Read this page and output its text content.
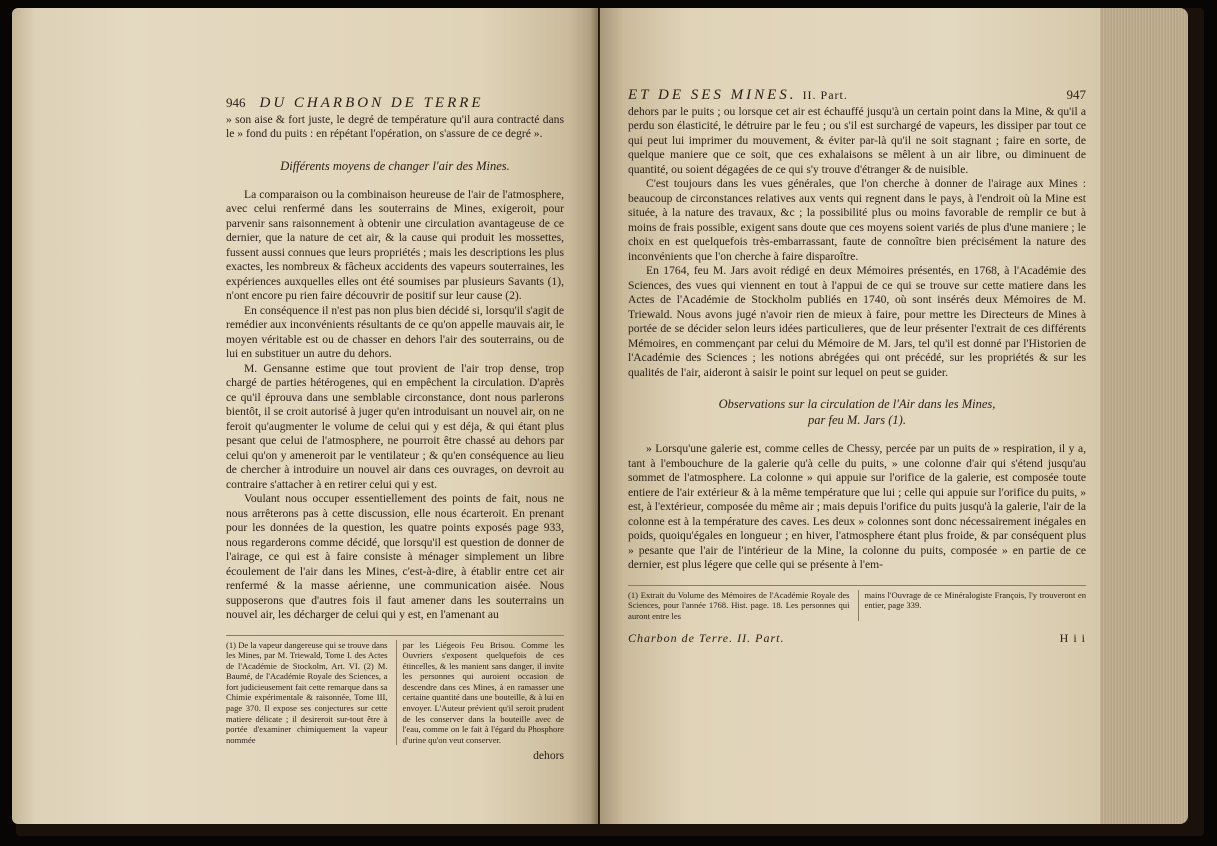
946 DU CHARBON DE TERRE

» son aise & fort juste, le degré de température qu'il aura contracté dans le » fond du puits : en répétant l'opération, on s'assure de ce degré ».

Différents moyens de changer l'air des Mines.

La comparaison ou la combinaison heureuse de l'air de l'atmosphere, avec celui renfermé dans les souterrains de Mines, exigeroit, pour parvenir sans raisonnement à obtenir une circulation avantageuse de ce dernier, que la nature de cet air, & la cause qui produit les mossettes, fussent aussi connues que leurs propriétés ; mais les descriptions les plus exactes, les nombreux & fâcheux accidents des vapeurs souterraines, les expériences auxquelles elles ont été soumises par plusieurs Savants (1), n'ont encore pu rien faire découvrir de positif sur leur cause (2).

En conséquence il n'est pas non plus bien décidé si, lorsqu'il s'agit de remédier aux inconvénients résultants de ce qu'on appelle mauvais air, le moyen véritable est ou de chasser en dehors l'air des souterrains, ou de lui en substituer un autre du dehors.

M. Gensanne estime que tout provient de l'air trop dense, trop chargé de parties hétérogenes, qui en empêchent la circulation. D'après ce qu'il éprouva dans une semblable circonstance, dont nous parlerons bientôt, il se croit autorisé à juger qu'en introduisant un nouvel air, on ne feroit qu'augmenter le volume de celui qui y est déja, & qui étant plus pesant que celui de l'atmosphere, ne pourroit être chassé au dehors par celui qu'on y ameneroit par le ventilateur ; & qu'en conséquence au lieu de chercher à introduire un nouvel air dans ces ouvrages, on devroit au contraire s'attacher à en retirer celui qui y est.

Voulant nous occuper essentiellement des points de fait, nous ne nous arrêterons pas à cette discussion, elle nous écarteroit. En prenant pour les données de la question, les quatre points exposés page 933, nous regarderons comme décidé, que lorsqu'il est question de donner de l'airage, ce qui est à faire consiste à ménager simplement un libre écoulement de l'air dans les Mines, c'est-à-dire, à établir entre cet air renfermé & la masse aérienne, une communication aisée. Nous supposerons que d'autres fois il faut amener dans les souterrains un nouvel air, les décharger de celui qui y est, en l'amenant au

(1) De la vapeur dangereuse qui se trouve dans les Mines, par M. Triewald, Tome I. des Actes de l'Académie de Stockolm, Art. VI. (2) M. Baumé, de l'Académie Royale des Sciences, a fort judicieusement fait cette remarque dans sa Chimie expérimentale & raisonnée, Tome III, page 370. Il expose ses conjectures sur cette matiere délicate ; il desireroit sur-tout être à portée d'examiner chimiquement la vapeur nommée
par les Liégeois Feu Brisou. Comme les Ouvriers s'exposent quelquefois de ces étincelles, & les manient sans danger, il invite les personnes qui auroient occasion de descendre dans ces Mines, à en ramasser une certaine quantité dans une bouteille, & à lui en envoyer. L'Auteur prévient qu'il seroit prudent de les conserver dans la bouteille avec de l'eau, comme on le fait à l'égard du Phosphore d'urine qu'on veut conserver.
dehors
ET DE SES MINES. II. Part.	947

dehors par le puits ; ou lorsque cet air est échauffé jusqu'à un certain point dans la Mine, & qu'il a perdu son élasticité, le détruire par le feu ; ou s'il est surchargé de vapeurs, les dissiper par tout ce qui peut lui imprimer du mouvement, & éviter par-là qu'il ne soit stagnant ; faire en sorte, de quelque maniere que ce soit, que ces exhalaisons se mêlent à un air libre, ou diminuent de quantité, ou soient dégagées de ce qui s'y trouve d'étranger & de nuisible.

C'est toujours dans les vues générales, que l'on cherche à donner de l'airage aux Mines : beaucoup de circonstances relatives aux vents qui regnent dans le pays, à l'endroit où la Mine est située, à la nature des travaux, &c ; la possibilité plus ou moins favorable de remplir ce but à moins de frais possible, exigent sans doute que ces moyens soient variés de plus d'une maniere ; le choix en est quelquefois très-embarrassant, faute de connoître bien précisément la nature des inconvénients que l'on cherche à faire disparoître.

En 1764, feu M. Jars avoit rédigé en deux Mémoires présentés, en 1768, à l'Académie des Sciences, des vues qui viennent en tout à l'appui de ce qui se trouve sur cette matiere dans les Actes de l'Académie de Stockholm publiés en 1740, où sont insérés deux Mémoires de M. Triewald. Nous avons jugé n'avoir rien de mieux à faire, pour mettre les Directeurs de Mines à portée de se décider selon leurs idées particulieres, que de leur présenter l'extrait de ces différents Mémoires, en commençant par celui du Mémoire de M. Jars, tel qu'il est donné par l'Historien de l'Académie des Sciences ; les notions abrégées qui ont précédé, sur les propriétés & sur les qualités de l'air, aideront à saisir le point sur lequel on peut se guider.

Observations sur la circulation de l'Air dans les Mines,
par feu M. Jars (1).

» Lorsqu'une galerie est, comme celles de Chessy, percée par un puits de » respiration, il y a, tant à l'embouchure de la galerie qu'à celle du puits, » une colonne d'air qui s'étend jusqu'au sommet de l'atmosphere. La colonne » qui appuie sur l'orifice de la galerie, est composée toute entiere de l'air extérieur & à la même température que lui ; celle qui appuie sur l'orifice du puits, » est, à l'extérieur, composée du même air ; mais depuis l'orifice du puits jusqu'à la galerie, l'air de la colonne est à la température des caves. Les deux » colonnes sont donc nécessairement inégales en poids, quoiqu'égales en longueur ; en hiver, l'atmosphere étant plus froide, & par conséquent plus » pesante que l'air de l'intérieur de la Mine, la colonne du puits, composée » en partie de ce dernier, est plus légere que celle qui se présente à l'em-

(1) Extrait du Volume des Mémoires de l'Académie Royale des Sciences, pour l'année 1768. Hist. page. 18. Les personnes qui auront entre les
mains l'Ouvrage de ce Minéralogiste François, l'y trouveront en entier, page 339.
Charbon de Terre. II. Part.	H i i
